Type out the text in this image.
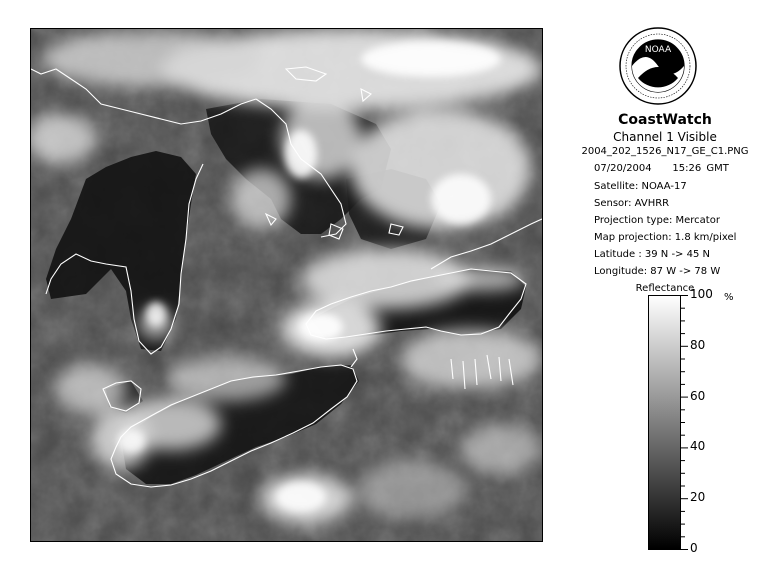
NOAA
CoastWatch
Channel 1 Visible
2004_202_1526_N17_GE_C1.PNG
07/20/2004 15:26 GMT
Satellite: NOAA-17
Sensor: AVHRR
Projection type: Mercator
Map projection: 1.8 km/pixel
Latitude : 39 N -> 45 N
Longitude: 87 W -> 78 W
Reflectance
%
100
80
60
40
20
0
